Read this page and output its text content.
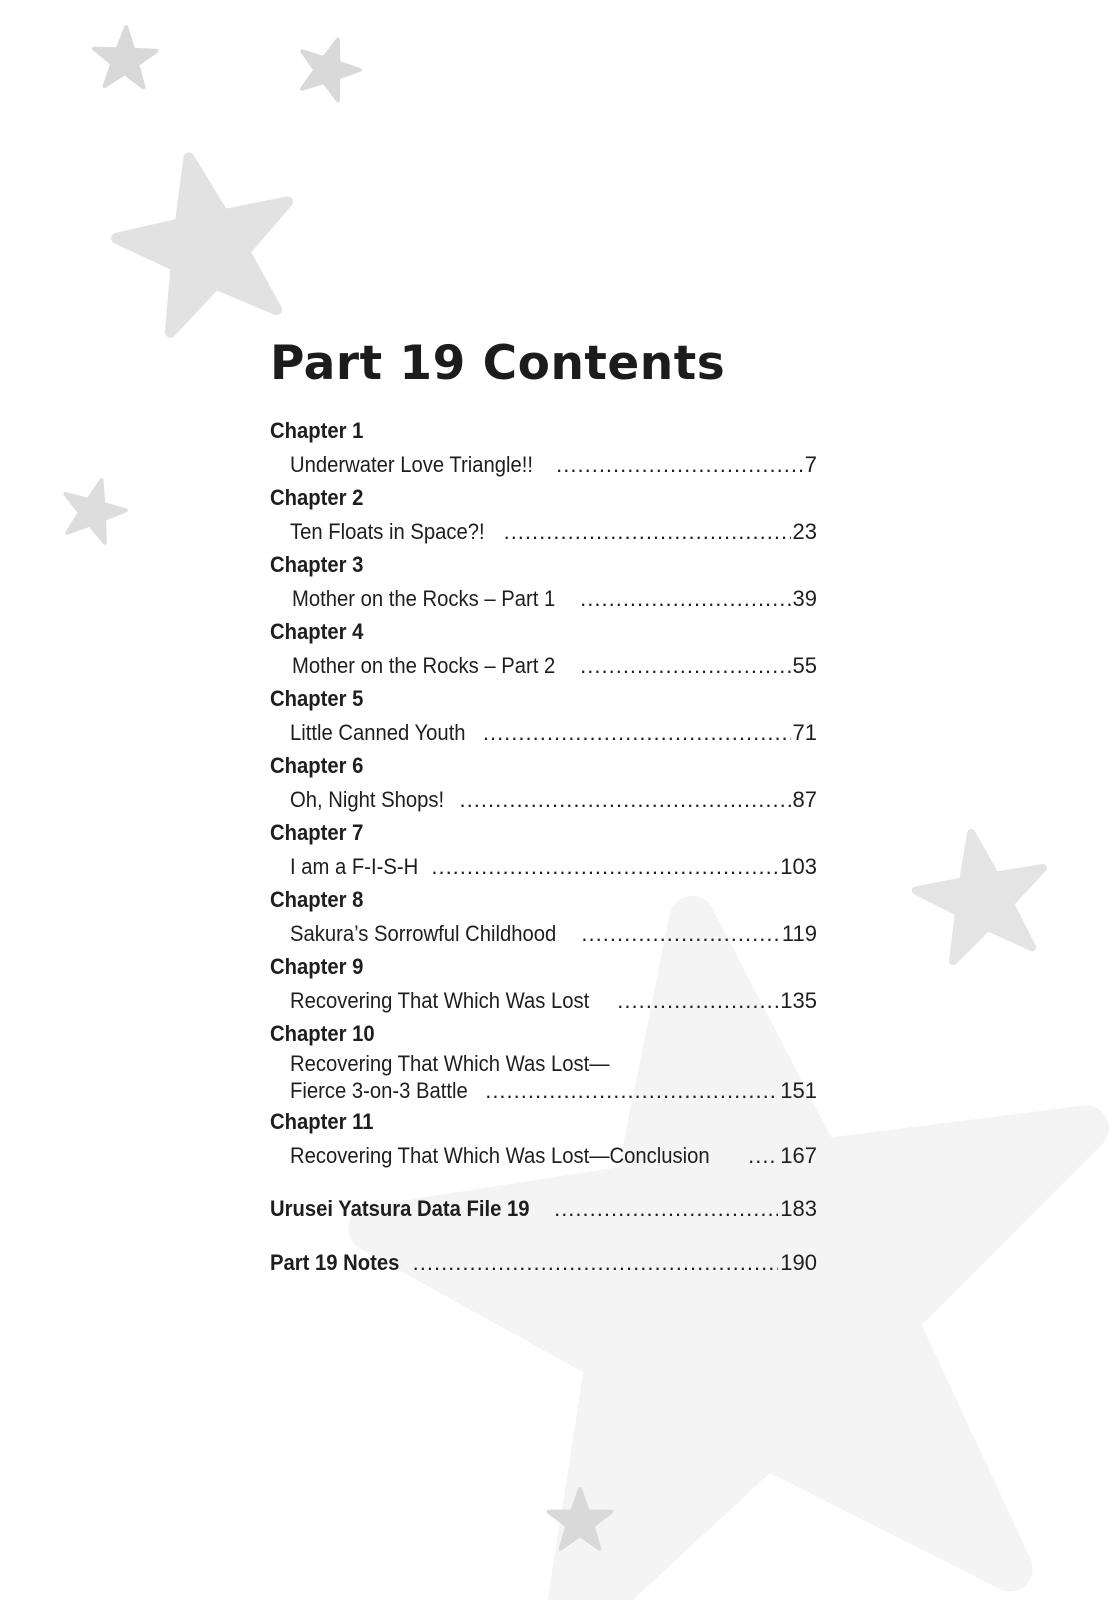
Part 19 Contents
Chapter 1
Underwater Love Triangle!! .....	7
Chapter 2
Ten Floats in Space?! .....	23
Chapter 3
Mother on the Rocks – Part 1 .....	39
Chapter 4
Mother on the Rocks – Part 2 .....	55
Chapter 5
Little Canned Youth .....	71
Chapter 6
Oh, Night Shops! .....	87
Chapter 7
I am a F-I-S-H .....	103
Chapter 8
Sakura’s Sorrowful Childhood .....	119
Chapter 9
Recovering That Which Was Lost .....	135
Chapter 10
Recovering That Which Was Lost—
Fierce 3-on-3 Battle .....	151
Chapter 11
Recovering That Which Was Lost—Conclusion .....	167
Urusei Yatsura Data File 19 .....	183
Part 19 Notes .....	190
